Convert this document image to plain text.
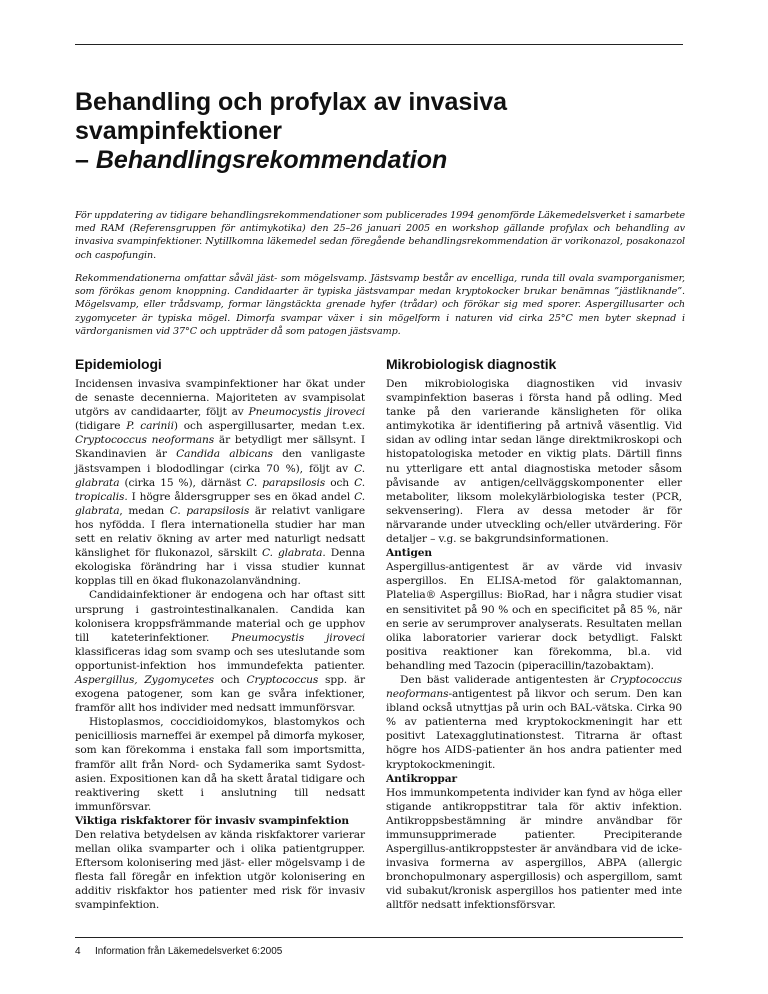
Behandling och profylax av invasiva
svampinfektioner
– Behandlingsrekommendation

För uppdatering av tidigare behandlingsrekommendationer som publicerades 1994 genomförde Läkemedelsverket i samarbete med RAM (Referensgruppen för antimykotika) den 25–26 januari 2005 en workshop gällande profylax och behandling av invasiva svampinfektioner. Nytillkomna läkemedel sedan föregående behandlingsrekommendation är vorikonazol, posakonazol och caspofungin.

Rekommendationerna omfattar såväl jäst- som mögelsvamp. Jästsvamp består av encelliga, runda till ovala svamporganismer, som förökas genom knoppning. Candidaarter är typiska jästsvampar medan kryptokocker brukar benämnas ”jästliknande”. Mögelsvamp, eller trådsvamp, formar längstäckta grenade hyfer (trådar) och förökar sig med sporer. Aspergillusarter och zygomyceter är typiska mögel. Dimorfa svampar växer i sin mögelform i naturen vid cirka 25°C men byter skepnad i värdorganismen vid 37°C och uppträder då som patogen jästsvamp.

Epidemiologi

Incidensen invasiva svampinfektioner har ökat under de senaste decennierna. Majoriteten av svampisolat utgörs av candidaarter, följt av Pneumocystis jiroveci (tidigare P. carinii) och aspergillusarter, medan t.ex. Cryptococcus neoformans är betydligt mer sällsynt. I Skandinavien är Candida albicans den vanligaste jästsvampen i blododlingar (cirka 70 %), följt av C. glabrata (cirka 15 %), därnäst C. parapsilosis och C. tropicalis. I högre åldersgrupper ses en ökad andel C. glabrata, medan C. parapsilosis är relativt vanligare hos nyfödda. I flera internationella studier har man sett en relativ ökning av arter med naturligt nedsatt känslighet för flukonazol, särskilt C. glabrata. Denna ekologiska förändring har i vissa studier kunnat kopplas till en ökad flukonazolanvändning.

Candidainfektioner är endogena och har oftast sitt ursprung i gastrointestinalkanalen. Candida kan kolonisera kroppsfrämmande material och ge upphov till kateterinfektioner. Pneumocystis jiroveci klassificeras idag som svamp och ses uteslutande som opportunist-infektion hos immundefekta patienter. Aspergillus, Zygomycetes och Cryptococcus spp. är exogena patogener, som kan ge svåra infektioner, framför allt hos individer med nedsatt immunförsvar.

Histoplasmos, coccidioidomykos, blastomykos och penicilliosis marneffei är exempel på dimorfa mykoser, som kan förekomma i enstaka fall som importsmitta, framför allt från Nord- och Sydamerika samt Sydost-asien. Expositionen kan då ha skett åratal tidigare och reaktivering skett i anslutning till nedsatt immunförsvar.

Viktiga riskfaktorer för invasiv svampinfektion

Den relativa betydelsen av kända riskfaktorer varierar mellan olika svamparter och i olika patientgrupper. Eftersom kolonisering med jäst- eller mögelsvamp i de flesta fall föregår en infektion utgör kolonisering en additiv riskfaktor hos patienter med risk för invasiv svampinfektion.

Mikrobiologisk diagnostik

Den mikrobiologiska diagnostiken vid invasiv svampinfektion baseras i första hand på odling. Med tanke på den varierande känsligheten för olika antimykotika är identifiering på artnivå väsentlig. Vid sidan av odling intar sedan länge direktmikroskopi och histopatologiska metoder en viktig plats. Därtill finns nu ytterligare ett antal diagnostiska metoder såsom påvisande av antigen/cellväggskomponenter eller metaboliter, liksom molekylärbiologiska tester (PCR, sekvensering). Flera av dessa metoder är för närvarande under utveckling och/eller utvärdering. För detaljer – v.g. se bakgrundsinformationen.

Antigen

Aspergillus-antigentest är av värde vid invasiv aspergillos. En ELISA-metod för galaktomannan, Platelia® Aspergillus: BioRad, har i några studier visat en sensitivitet på 90 % och en specificitet på 85 %, när en serie av serumprover analyserats. Resultaten mellan olika laboratorier varierar dock betydligt. Falskt positiva reaktioner kan förekomma, bl.a. vid behandling med Tazocin (piperacillin/tazobaktam).

Den bäst validerade antigentesten är Cryptococcus neoformans-antigentest på likvor och serum. Den kan ibland också utnyttjas på urin och BAL-vätska. Cirka 90 % av patienterna med kryptokockmeningit har ett positivt Latexagglutinationstest. Titrarna är oftast högre hos AIDS-patienter än hos andra patienter med kryptokockmeningit.

Antikroppar

Hos immunkompetenta individer kan fynd av höga eller stigande antikroppstitrar tala för aktiv infektion. Antikroppsbestämning är mindre användbar för immunsupprimerade patienter. Precipiterande Aspergillus-antikroppstester är användbara vid de icke-invasiva formerna av aspergillos, ABPA (allergic bronchopulmonary aspergillosis) och aspergillom, samt vid subakut/kronisk aspergillos hos patienter med inte alltför nedsatt infektionsförsvar.

4 Information från Läkemedelsverket 6:2005
